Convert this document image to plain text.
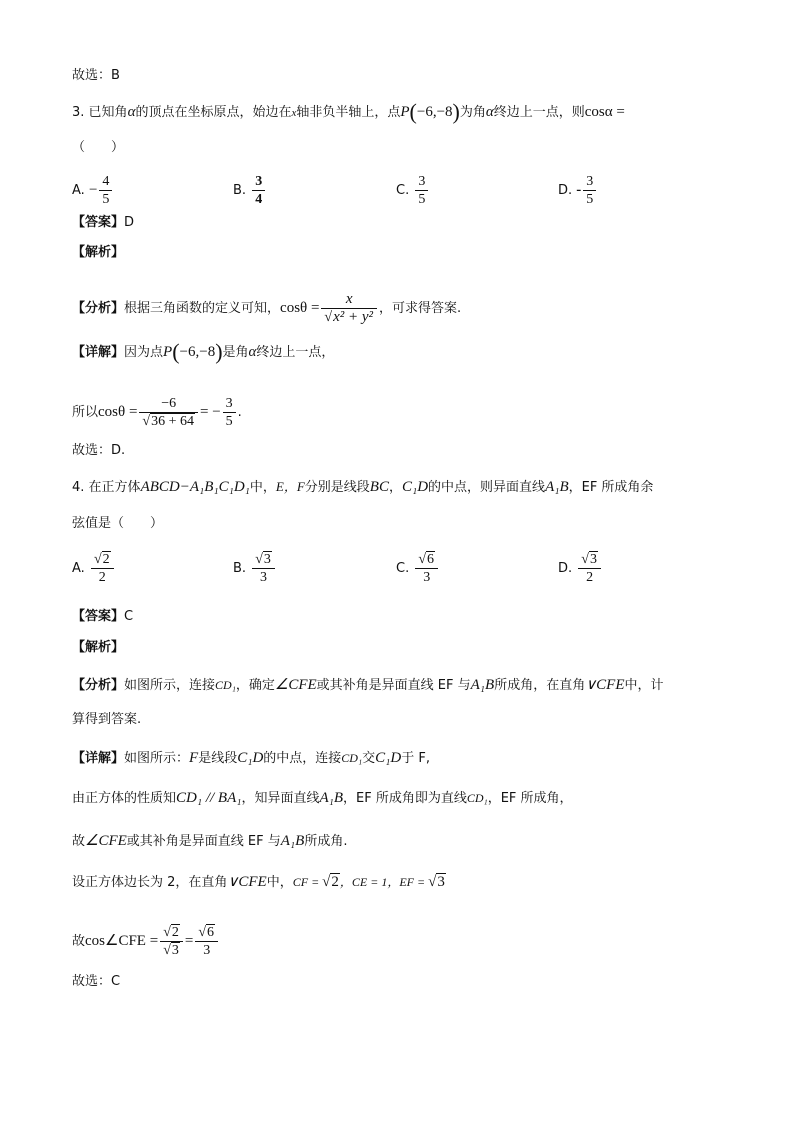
故选：B
3. 已知角α的顶点在坐标原点，始边在x轴非负半轴上，点P(−6,−8)为角α终边上一点，则cosα =
（　　）
A. − $\frac{4}{5}$	B. $\frac{3}{4}$	C. $\frac{3}{5}$	D. - $\frac{3}{5}$
【答案】D
【解析】
【分析】根据三角函数的定义可知，$\cos\theta = \frac{x}{\text{√x² + y²}}$ ，可求得答案.
【详解】因为点P(−6,−8)是角α终边上一点，
所以$\cos\theta = \frac{-6}{√36 + 64}$ = − $\frac{3}{5}$ .
故选：D.
4. 在正方体ABCD−A₁B₁C₁D₁中，E，F分别是线段BC，C₁D的中点，则异面直线A₁B，EF 所成角余
弦值是（　　）
A. $\frac{√2}{2}$	B. $\frac{√3}{3}$	C. $\frac{√6}{3}$	D. $\frac{√3}{2}$
【答案】C
【解析】
【分析】如图所示，连接CD₁，确定∠CFE或其补角是异面直线 EF 与A₁B所成角，在直角∨CFE中，计
算得到答案.
【详解】如图所示：F是线段C₁D的中点，连接CD₁交C₁D于 F,
由正方体的性质知CD₁ // BA₁，知异面直线A₁B，EF 所成角即为直线CD₁，EF 所成角，
故∠CFE或其补角是异面直线 EF 与A₁B所成角.
设正方体边长为 2，在直角∨CFE中，CF = √2，CE = 1，EF = √3
故cos∠CFE = $\frac{√2}{√3} = \frac{√6}{3}$
故选：C
